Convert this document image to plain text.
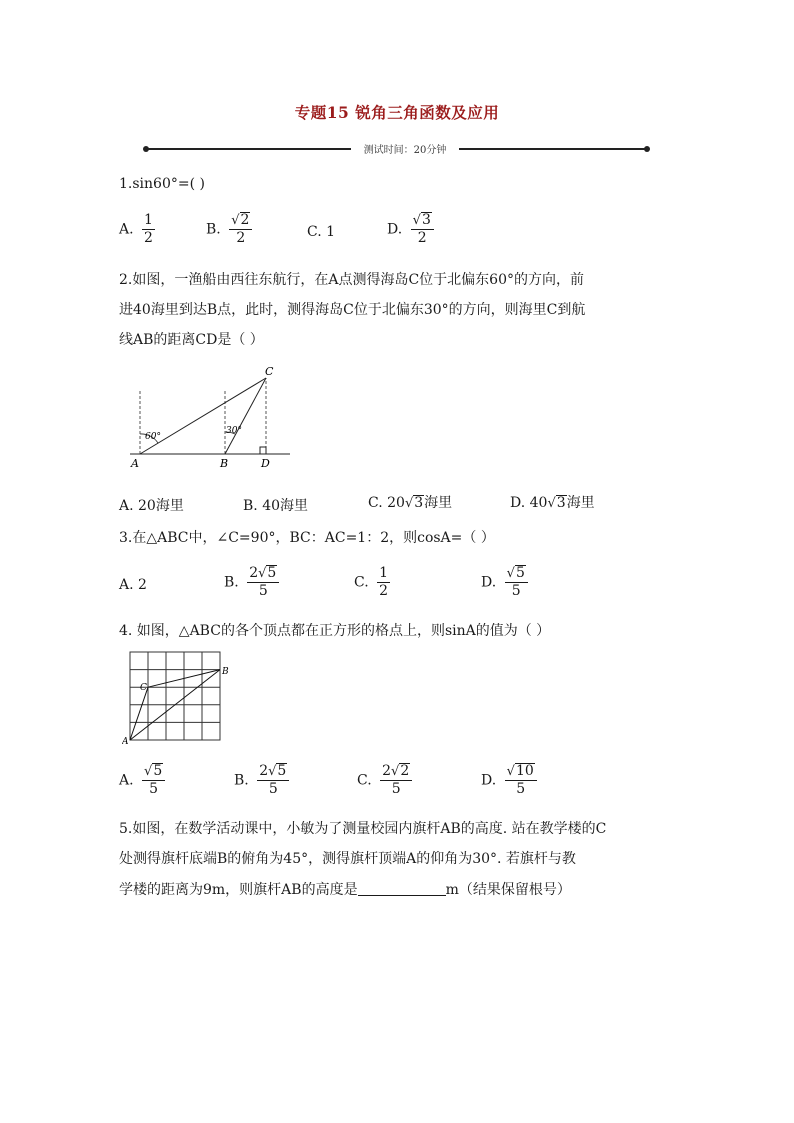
专题15 锐角三角函数及应用
测试时间：20分钟
1.sin60°=( )
A. $\frac{1}{2}$	B. $\frac{√2}{2}$	C. 1	D. $\frac{√3}{2}$
2.如图，一渔船由西往东航行，在A点测得海岛C位于北偏东60°的方向，前
进40海里到达B点，此时，测得海岛C位于北偏东30°的方向，则海里C到航
线AB的距离CD是（ ）
60°
30°
A	B
C
D
A. 20海里	B. 40海里	C. 20√3海里	D. 40√3海里
3.在△ABC中，∠C=90°，BC：AC=1：2，则cosA=（ ）
A. 2	B. $\frac{2√5}{5}$	C. $\frac{1}{2}$	D. $\frac{√5}{5}$
4. 如图，△ABC的各个顶点都在正方形的格点上，则sinA的值为（ ）
A
B
C
A. $\frac{√5}{5}$	B. $\frac{2√5}{5}$	C. $\frac{2√2}{5}$	D. $\frac{√10}{5}$
5.如图，在数学活动课中，小敏为了测量校园内旗杆AB的高度. 站在教学楼的C
处测得旗杆底端B的俯角为45°，测得旗杆顶端A的仰角为30°. 若旗杆与教
学楼的距离为9m，则旗杆AB的高度是	m（结果保留根号）
